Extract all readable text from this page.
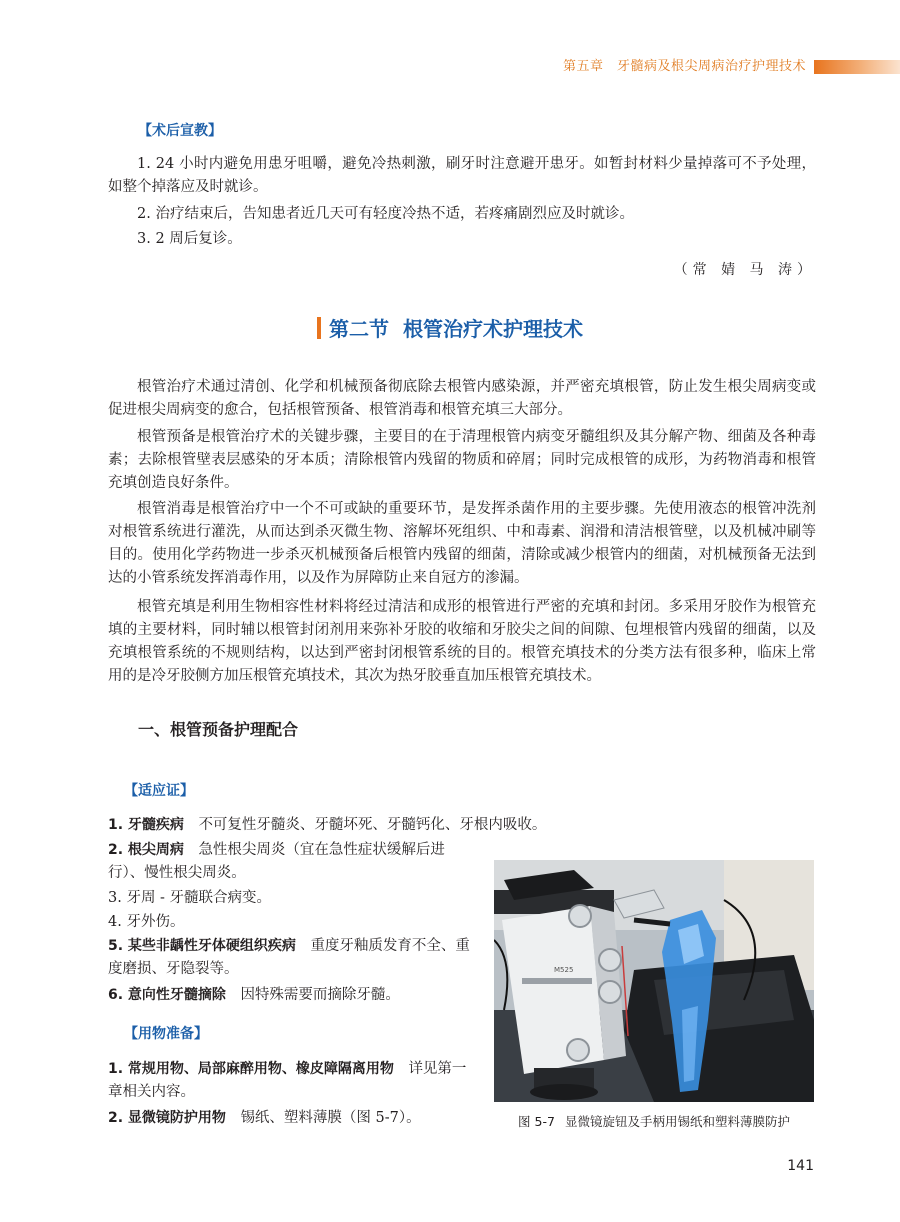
第五章　牙髓病及根尖周病治疗护理技术
【术后宣教】

1. 24 小时内避免用患牙咀嚼，避免冷热刺激，刷牙时注意避开患牙。如暂封材料少量掉落可不予处理，如整个掉落应及时就诊。

2. 治疗结束后，告知患者近几天可有轻度冷热不适，若疼痛剧烈应及时就诊。

3. 2 周后复诊。

（常 婧 马 涛）
第二节 根管治疗术护理技术

根管治疗术通过清创、化学和机械预备彻底除去根管内感染源，并严密充填根管，防止发生根尖周病变或促进根尖周病变的愈合，包括根管预备、根管消毒和根管充填三大部分。

根管预备是根管治疗术的关键步骤，主要目的在于清理根管内病变牙髓组织及其分解产物、细菌及各种毒素；去除根管壁表层感染的牙本质；清除根管内残留的物质和碎屑；同时完成根管的成形，为药物消毒和根管充填创造良好条件。

根管消毒是根管治疗中一个不可或缺的重要环节，是发挥杀菌作用的主要步骤。先使用液态的根管冲洗剂对根管系统进行灌洗，从而达到杀灭微生物、溶解坏死组织、中和毒素、润滑和清洁根管壁，以及机械冲刷等目的。使用化学药物进一步杀灭机械预备后根管内残留的细菌，清除或减少根管内的细菌，对机械预备无法到达的小管系统发挥消毒作用，以及作为屏障防止来自冠方的渗漏。

根管充填是利用生物相容性材料将经过清洁和成形的根管进行严密的充填和封闭。多采用牙胶作为根管充填的主要材料，同时辅以根管封闭剂用来弥补牙胶的收缩和牙胶尖之间的间隙、包埋根管内残留的细菌，以及充填根管系统的不规则结构，以达到严密封闭根管系统的目的。根管充填技术的分类方法有很多种，临床上常用的是冷牙胶侧方加压根管充填技术，其次为热牙胶垂直加压根管充填技术。

一、根管预备护理配合
【适应证】

1. 牙髓疾病　 不可复性牙髓炎、牙髓坏死、牙髓钙化、牙根内吸收。

2. 根尖周病　 急性根尖周炎（宜在急性症状缓解后进行）、慢性根尖周炎。

3. 牙周 - 牙髓联合病变。

4. 牙外伤。

5. 某些非龋性牙体硬组织疾病　 重度牙釉质发育不全、重度磨损、牙隐裂等。

6. 意向性牙髓摘除　 因特殊需要而摘除牙髓。

【用物准备】

1. 常规用物、局部麻醉用物、橡皮障隔离用物　 详见第一章相关内容。

2. 显微镜防护用物　 锡纸、塑料薄膜（图 5-7）。

M525
图 5-7 显微镜旋钮及手柄用锡纸和塑料薄膜防护
141
